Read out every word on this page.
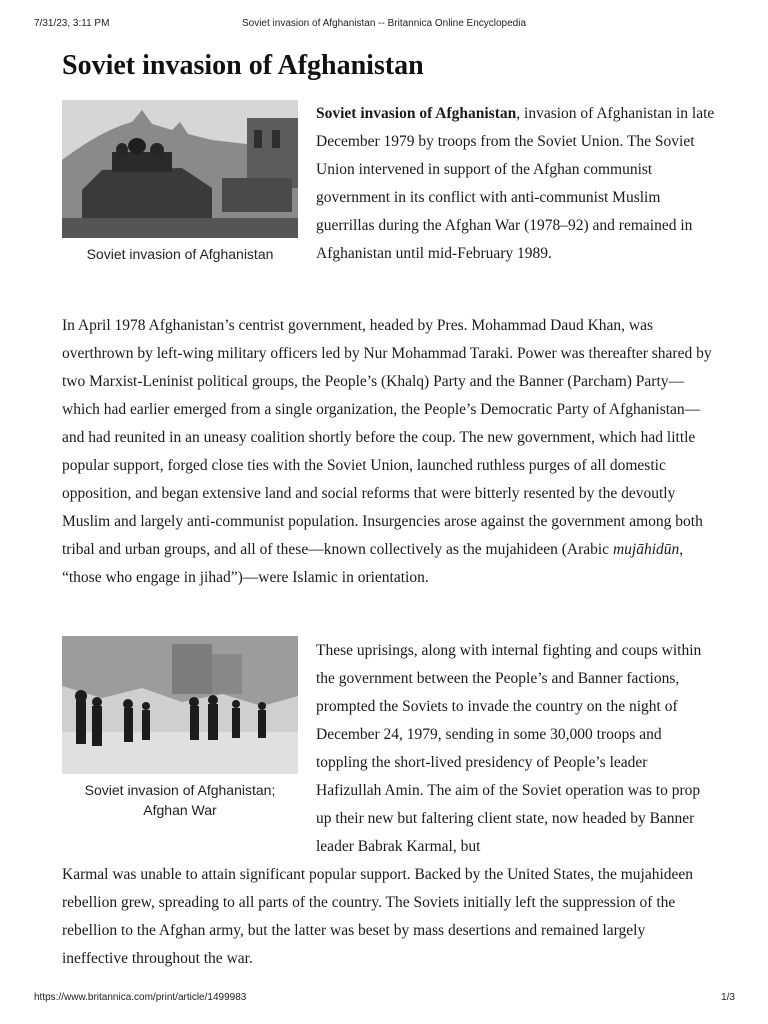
7/31/23, 3:11 PM	Soviet invasion of Afghanistan -- Britannica Online Encyclopedia
Soviet invasion of Afghanistan
Soviet invasion of Afghanistan

Soviet invasion of Afghanistan, invasion of Afghanistan in late December 1979 by troops from the Soviet Union. The Soviet Union intervened in support of the Afghan communist government in its conflict with anti-communist Muslim guerrillas during the Afghan War (1978–92) and remained in Afghanistan until mid-February 1989.

In April 1978 Afghanistan’s centrist government, headed by Pres. Mohammad Daud Khan, was overthrown by left-wing military officers led by Nur Mohammad Taraki. Power was thereafter shared by two Marxist-Leninist political groups, the People’s (Khalq) Party and the Banner (Parcham) Party—which had earlier emerged from a single organization, the People’s Democratic Party of Afghanistan—and had reunited in an uneasy coalition shortly before the coup. The new government, which had little popular support, forged close ties with the Soviet Union, launched ruthless purges of all domestic opposition, and began extensive land and social reforms that were bitterly resented by the devoutly Muslim and largely anti-communist population. Insurgencies arose against the government among both tribal and urban groups, and all of these—known collectively as the mujahideen (Arabic mujāhidūn, “those who engage in jihad”)—were Islamic in orientation.

Soviet invasion of Afghanistan; Afghan War

These uprisings, along with internal fighting and coups within the government between the People’s and Banner factions, prompted the Soviets to invade the country on the night of December 24, 1979, sending in some 30,000 troops and toppling the short-lived presidency of People’s leader Hafizullah Amin. The aim of the Soviet operation was to prop up their new but faltering client state, now headed by Banner leader Babrak Karmal, but

Karmal was unable to attain significant popular support. Backed by the United States, the mujahideen rebellion grew, spreading to all parts of the country. The Soviets initially left the suppression of the rebellion to the Afghan army, but the latter was beset by mass desertions and remained largely ineffective throughout the war.

https://www.britannica.com/print/article/1499983	1/3
